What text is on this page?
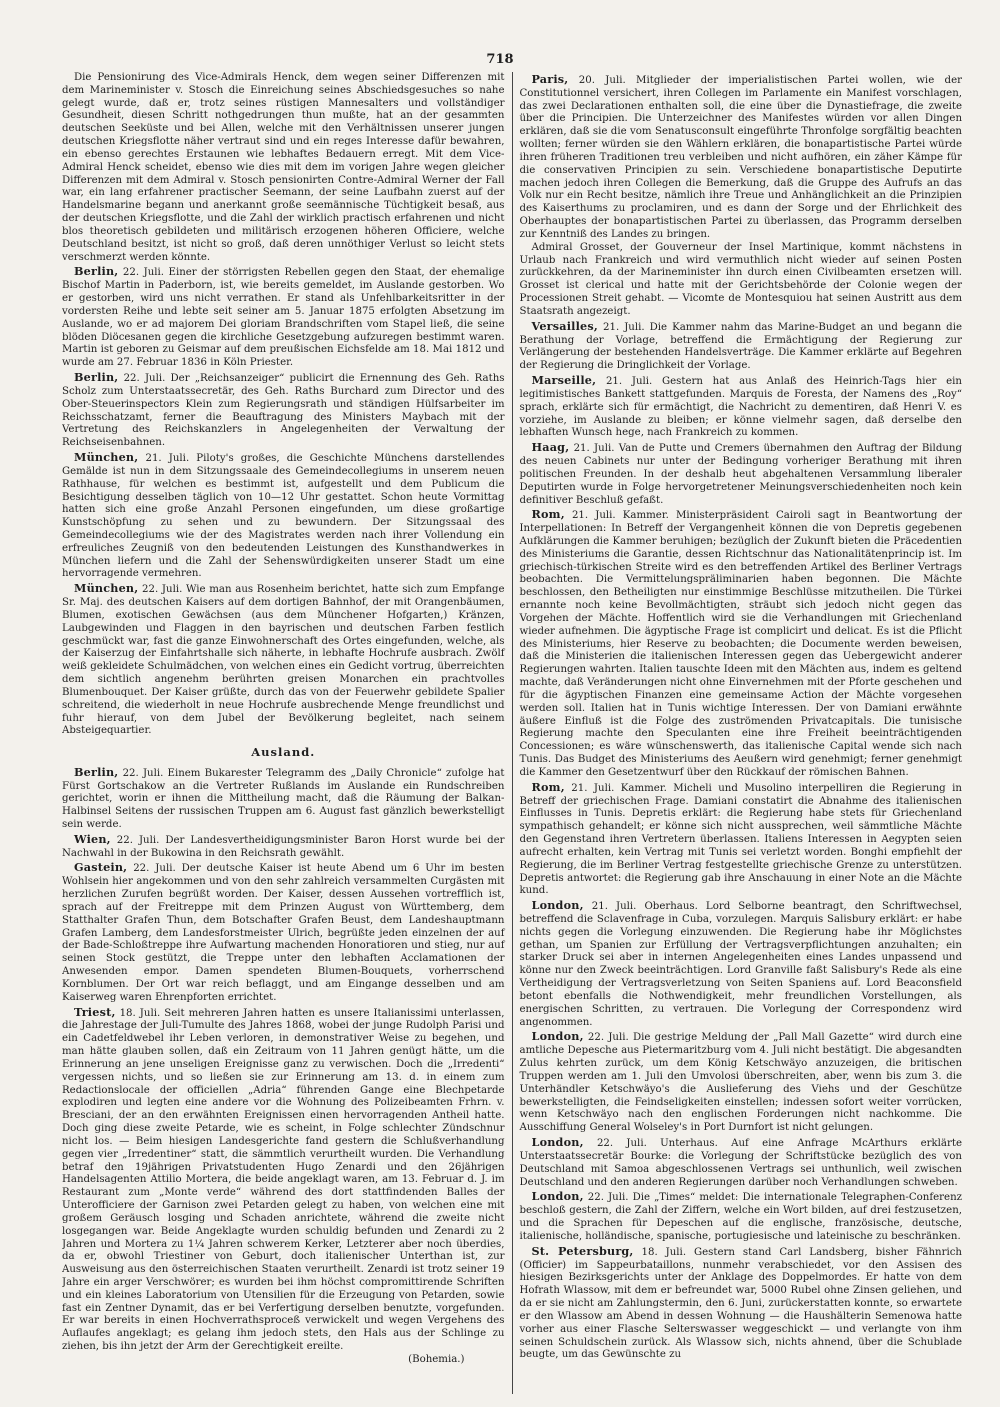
718

Die Pensionirung des Vice-Admirals Henck, dem wegen seiner Differenzen mit dem Marineminister v. Stosch die Einreichung seines Abschiedsgesuches so nahe gelegt wurde, daß er, trotz seines rüstigen Mannesalters und vollständiger Gesundheit, diesen Schritt nothgedrungen thun mußte, hat an der gesammten deutschen Seeküste und bei Allen, welche mit den Verhältnissen unserer jungen deutschen Kriegsflotte näher vertraut sind und ein reges Interesse dafür bewahren, ein ebenso gerechtes Erstaunen wie lebhaftes Bedauern erregt. Mit dem Vice-Admiral Henck scheidet, ebenso wie dies mit dem im vorigen Jahre wegen gleicher Differenzen mit dem Admiral v. Stosch pensionirten Contre-Admiral Werner der Fall war, ein lang erfahrener practischer Seemann, der seine Laufbahn zuerst auf der Handelsmarine begann und anerkannt große seemännische Tüchtigkeit besaß, aus der deutschen Kriegsflotte, und die Zahl der wirklich practisch erfahrenen und nicht blos theoretisch gebildeten und militärisch erzogenen höheren Officiere, welche Deutschland besitzt, ist nicht so groß, daß deren unnöthiger Verlust so leicht stets verschmerzt werden könnte.

Berlin, 22. Juli. Einer der störrigsten Rebellen gegen den Staat, der ehemalige Bischof Martin in Paderborn, ist, wie bereits gemeldet, im Auslande gestorben. Wo er gestorben, wird uns nicht verrathen. Er stand als Unfehlbarkeitsritter in der vordersten Reihe und lebte seit seiner am 5. Januar 1875 erfolgten Absetzung im Auslande, wo er ad majorem Dei gloriam Brandschriften vom Stapel ließ, die seine blöden Diöcesanen gegen die kirchliche Gesetzgebung aufzuregen bestimmt waren. Martin ist geboren zu Geismar auf dem preußischen Eichsfelde am 18. Mai 1812 und wurde am 27. Februar 1836 in Köln Priester.

Berlin, 22. Juli. Der „Reichsanzeiger“ publicirt die Ernennung des Geh. Raths Scholz zum Unterstaatssecretär, des Geh. Raths Burchard zum Director und des Ober-Steuerinspectors Klein zum Regierungsrath und ständigen Hülfsarbeiter im Reichsschatzamt, ferner die Beauftragung des Ministers Maybach mit der Vertretung des Reichskanzlers in Angelegenheiten der Verwaltung der Reichseisenbahnen.

München, 21. Juli. Piloty's großes, die Geschichte Münchens darstellendes Gemälde ist nun in dem Sitzungssaale des Gemeindecollegiums in unserem neuen Rathhause, für welchen es bestimmt ist, aufgestellt und dem Publicum die Besichtigung desselben täglich von 10—12 Uhr gestattet. Schon heute Vormittag hatten sich eine große Anzahl Personen eingefunden, um diese großartige Kunstschöpfung zu sehen und zu bewundern. Der Sitzungssaal des Gemeindecollegiums wie der des Magistrates werden nach ihrer Vollendung ein erfreuliches Zeugniß von den bedeutenden Leistungen des Kunsthandwerkes in München liefern und die Zahl der Sehenswürdigkeiten unserer Stadt um eine hervorragende vermehren.

München, 22. Juli. Wie man aus Rosenheim berichtet, hatte sich zum Empfange Sr. Maj. des deutschen Kaisers auf dem dortigen Bahnhof, der mit Orangenbäumen, Blumen, exotischen Gewächsen (aus dem Münchener Hofgarten,) Kränzen, Laubgewinden und Flaggen in den bayrischen und deutschen Farben festlich geschmückt war, fast die ganze Einwohnerschaft des Ortes eingefunden, welche, als der Kaiserzug der Einfahrtshalle sich näherte, in lebhafte Hochrufe ausbrach. Zwölf weiß gekleidete Schulmädchen, von welchen eines ein Gedicht vortrug, überreichten dem sichtlich angenehm berührten greisen Monarchen ein prachtvolles Blumenbouquet. Der Kaiser grüßte, durch das von der Feuerwehr gebildete Spalier schreitend, die wiederholt in neue Hochrufe ausbrechende Menge freundlichst und fuhr hierauf, von dem Jubel der Bevölkerung begleitet, nach seinem Absteigequartier.

Ausland.

Berlin, 22. Juli. Einem Bukarester Telegramm des „Daily Chronicle“ zufolge hat Fürst Gortschakow an die Vertreter Rußlands im Auslande ein Rundschreiben gerichtet, worin er ihnen die Mittheilung macht, daß die Räumung der Balkan-Halbinsel Seitens der russischen Truppen am 6. August fast gänzlich bewerkstelligt sein werde.

Wien, 22. Juli. Der Landesvertheidigungsminister Baron Horst wurde bei der Nachwahl in der Bukowina in den Reichsrath gewählt.

Gastein, 22. Juli. Der deutsche Kaiser ist heute Abend um 6 Uhr im besten Wohlsein hier angekommen und von den sehr zahlreich versammelten Curgästen mit herzlichen Zurufen begrüßt worden. Der Kaiser, dessen Aussehen vortrefflich ist, sprach auf der Freitreppe mit dem Prinzen August von Württemberg, dem Statthalter Grafen Thun, dem Botschafter Grafen Beust, dem Landeshauptmann Grafen Lamberg, dem Landesforstmeister Ulrich, begrüßte jeden einzelnen der auf der Bade-Schloßtreppe ihre Aufwartung machenden Honoratioren und stieg, nur auf seinen Stock gestützt, die Treppe unter den lebhaften Acclamationen der Anwesenden empor. Damen spendeten Blumen-Bouquets, vorherrschend Kornblumen. Der Ort war reich beflaggt, und am Eingange desselben und am Kaiserweg waren Ehrenpforten errichtet.

Triest, 18. Juli. Seit mehreren Jahren hatten es unsere Italianissimi unterlassen, die Jahrestage der Juli-Tumulte des Jahres 1868, wobei der junge Rudolph Parisi und ein Cadetfeldwebel ihr Leben verloren, in demonstrativer Weise zu begehen, und man hätte glauben sollen, daß ein Zeitraum von 11 Jahren genügt hätte, um die Erinnerung an jene unseligen Ereignisse ganz zu verwischen. Doch die „Irredenti“ vergessen nichts, und so ließen sie zur Erinnerung am 13. d. in einem zum Redactionslocale der officiellen „Adria“ führenden Gange eine Blechpetarde explodiren und legten eine andere vor die Wohnung des Polizeibeamten Frhrn. v. Bresciani, der an den erwähnten Ereignissen einen hervorragenden Antheil hatte. Doch ging diese zweite Petarde, wie es scheint, in Folge schlechter Zündschnur nicht los. — Beim hiesigen Landesgerichte fand gestern die Schlußverhandlung gegen vier „Irredentiner“ statt, die sämmtlich verurtheilt wurden. Die Verhandlung betraf den 19jährigen Privatstudenten Hugo Zenardi und den 26jährigen Handelsagenten Attilio Mortera, die beide angeklagt waren, am 13. Februar d. J. im Restaurant zum „Monte verde“ während des dort stattfindenden Balles der Unterofficiere der Garnison zwei Petarden gelegt zu haben, von welchen eine mit großem Geräusch losging und Schaden anrichtete, während die zweite nicht losgegangen war. Beide Angeklagte wurden schuldig befunden und Zenardi zu 2 Jahren und Mortera zu 1¼ Jahren schwerem Kerker, Letzterer aber noch überdies, da er, obwohl Triestiner von Geburt, doch italienischer Unterthan ist, zur Ausweisung aus den österreichischen Staaten verurtheilt. Zenardi ist trotz seiner 19 Jahre ein arger Verschwörer; es wurden bei ihm höchst compromittirende Schriften und ein kleines Laboratorium von Utensilien für die Erzeugung von Petarden, sowie fast ein Zentner Dynamit, das er bei Verfertigung derselben benutzte, vorgefunden. Er war bereits in einen Hochverrathsproceß verwickelt und wegen Vergehens des Auflaufes angeklagt; es gelang ihm jedoch stets, den Hals aus der Schlinge zu ziehen, bis ihn jetzt der Arm der Gerechtigkeit ereilte.

(Bohemia.)

Paris, 20. Juli. Mitglieder der imperialistischen Partei wollen, wie der Constitutionnel versichert, ihren Collegen im Parlamente ein Manifest vorschlagen, das zwei Declarationen enthalten soll, die eine über die Dynastiefrage, die zweite über die Principien. Die Unterzeichner des Manifestes würden vor allen Dingen erklären, daß sie die vom Senatusconsult eingeführte Thronfolge sorgfältig beachten wollten; ferner würden sie den Wählern erklären, die bonapartistische Partei würde ihren früheren Traditionen treu verbleiben und nicht aufhören, ein zäher Kämpe für die conservativen Principien zu sein. Verschiedene bonapartistische Deputirte machen jedoch ihren Collegen die Bemerkung, daß die Gruppe des Aufrufs an das Volk nur ein Recht besitze, nämlich ihre Treue und Anhänglichkeit an die Prinzipien des Kaiserthums zu proclamiren, und es dann der Sorge und der Ehrlichkeit des Oberhauptes der bonapartistischen Partei zu überlassen, das Programm derselben zur Kenntniß des Landes zu bringen.

Admiral Grosset, der Gouverneur der Insel Martinique, kommt nächstens in Urlaub nach Frankreich und wird vermuthlich nicht wieder auf seinen Posten zurückkehren, da der Marineminister ihn durch einen Civilbeamten ersetzen will. Grosset ist clerical und hatte mit der Gerichtsbehörde der Colonie wegen der Processionen Streit gehabt. — Vicomte de Montesquiou hat seinen Austritt aus dem Staatsrath angezeigt.

Versailles, 21. Juli. Die Kammer nahm das Marine-Budget an und begann die Berathung der Vorlage, betreffend die Ermächtigung der Regierung zur Verlängerung der bestehenden Handelsverträge. Die Kammer erklärte auf Begehren der Regierung die Dringlichkeit der Vorlage.

Marseille, 21. Juli. Gestern hat aus Anlaß des Heinrich-Tags hier ein legitimistisches Bankett stattgefunden. Marquis de Foresta, der Namens des „Roy“ sprach, erklärte sich für ermächtigt, die Nachricht zu dementiren, daß Henri V. es vorziehe, im Auslande zu bleiben; er könne vielmehr sagen, daß derselbe den lebhaften Wunsch hege, nach Frankreich zu kommen.

Haag, 21. Juli. Van de Putte und Cremers übernahmen den Auftrag der Bildung des neuen Cabinets nur unter der Bedingung vorheriger Berathung mit ihren politischen Freunden. In der deshalb heut abgehaltenen Versammlung liberaler Deputirten wurde in Folge hervorgetretener Meinungsverschiedenheiten noch kein definitiver Beschluß gefaßt.

Rom, 21. Juli. Kammer. Ministerpräsident Cairoli sagt in Beantwortung der Interpellationen: In Betreff der Vergangenheit können die von Depretis gegebenen Aufklärungen die Kammer beruhigen; bezüglich der Zukunft bieten die Präcedentien des Ministeriums die Garantie, dessen Richtschnur das Nationalitätenprincip ist. Im griechisch-türkischen Streite wird es den betreffenden Artikel des Berliner Vertrags beobachten. Die Vermittelungspräliminarien haben begonnen. Die Mächte beschlossen, den Betheiligten nur einstimmige Beschlüsse mitzutheilen. Die Türkei ernannte noch keine Bevollmächtigten, sträubt sich jedoch nicht gegen das Vorgehen der Mächte. Hoffentlich wird sie die Verhandlungen mit Griechenland wieder aufnehmen. Die ägyptische Frage ist complicirt und delicat. Es ist die Pflicht des Ministeriums, hier Reserve zu beobachten; die Documente werden beweisen, daß die Ministerien die italienischen Interessen gegen das Uebergewicht anderer Regierungen wahrten. Italien tauschte Ideen mit den Mächten aus, indem es geltend machte, daß Veränderungen nicht ohne Einvernehmen mit der Pforte geschehen und für die ägyptischen Finanzen eine gemeinsame Action der Mächte vorgesehen werden soll. Italien hat in Tunis wichtige Interessen. Der von Damiani erwähnte äußere Einfluß ist die Folge des zuströmenden Privatcapitals. Die tunisische Regierung machte den Speculanten eine ihre Freiheit beeinträchtigenden Concessionen; es wäre wünschenswerth, das italienische Capital wende sich nach Tunis. Das Budget des Ministeriums des Aeußern wird genehmigt; ferner genehmigt die Kammer den Gesetzentwurf über den Rückkauf der römischen Bahnen.

Rom, 21. Juli. Kammer. Micheli und Musolino interpelliren die Regierung in Betreff der griechischen Frage. Damiani constatirt die Abnahme des italienischen Einflusses in Tunis. Depretis erklärt: die Regierung habe stets für Griechenland sympathisch gehandelt; er könne sich nicht aussprechen, weil sämmtliche Mächte den Gegenstand ihren Vertretern überlassen. Italiens Interessen in Aegypten seien aufrecht erhalten, kein Vertrag mit Tunis sei verletzt worden. Bonghi empfiehlt der Regierung, die im Berliner Vertrag festgestellte griechische Grenze zu unterstützen. Depretis antwortet: die Regierung gab ihre Anschauung in einer Note an die Mächte kund.

London, 21. Juli. Oberhaus. Lord Selborne beantragt, den Schriftwechsel, betreffend die Sclavenfrage in Cuba, vorzulegen. Marquis Salisbury erklärt: er habe nichts gegen die Vorlegung einzuwenden. Die Regierung habe ihr Möglichstes gethan, um Spanien zur Erfüllung der Vertragsverpflichtungen anzuhalten; ein starker Druck sei aber in internen Angelegenheiten eines Landes unpassend und könne nur den Zweck beeinträchtigen. Lord Granville faßt Salisbury's Rede als eine Vertheidigung der Vertragsverletzung von Seiten Spaniens auf. Lord Beaconsfield betont ebenfalls die Nothwendigkeit, mehr freundlichen Vorstellungen, als energischen Schritten, zu vertrauen. Die Vorlegung der Correspondenz wird angenommen.

London, 22. Juli. Die gestrige Meldung der „Pall Mall Gazette“ wird durch eine amtliche Depesche aus Pietermaritzburg vom 4. Juli nicht bestätigt. Die abgesandten Zulus kehrten zurück, um dem König Ketschwäyo anzuzeigen, die britischen Truppen werden am 1. Juli den Umvolosi überschreiten, aber, wenn bis zum 3. die Unterhändler Ketschwäyo's die Auslieferung des Viehs und der Geschütze bewerkstelligten, die Feindseligkeiten einstellen; indessen sofort weiter vorrücken, wenn Ketschwäyo nach den englischen Forderungen nicht nachkomme. Die Ausschiffung General Wolseley's in Port Durnfort ist nicht gelungen.

London, 22. Juli. Unterhaus. Auf eine Anfrage McArthurs erklärte Unterstaatssecretär Bourke: die Vorlegung der Schriftstücke bezüglich des von Deutschland mit Samoa abgeschlossenen Vertrags sei unthunlich, weil zwischen Deutschland und den anderen Regierungen darüber noch Verhandlungen schweben.

London, 22. Juli. Die „Times“ meldet: Die internationale Telegraphen-Conferenz beschloß gestern, die Zahl der Ziffern, welche ein Wort bilden, auf drei festzusetzen, und die Sprachen für Depeschen auf die englische, französische, deutsche, italienische, holländische, spanische, portugiesische und lateinische zu beschränken.

St. Petersburg, 18. Juli. Gestern stand Carl Landsberg, bisher Fähnrich (Officier) im Sappeurbataillons, nunmehr verabschiedet, vor den Assisen des hiesigen Bezirksgerichts unter der Anklage des Doppelmordes. Er hatte von dem Hofrath Wlassow, mit dem er befreundet war, 5000 Rubel ohne Zinsen geliehen, und da er sie nicht am Zahlungstermin, den 6. Juni, zurückerstatten konnte, so erwartete er den Wlassow am Abend in dessen Wohnung — die Haushälterin Semenowa hatte vorher aus einer Flasche Selterswasser weggeschickt — und verlangte von ihm seinen Schuldschein zurück. Als Wlassow sich, nichts ahnend, über die Schublade beugte, um das Gewünschte zu
